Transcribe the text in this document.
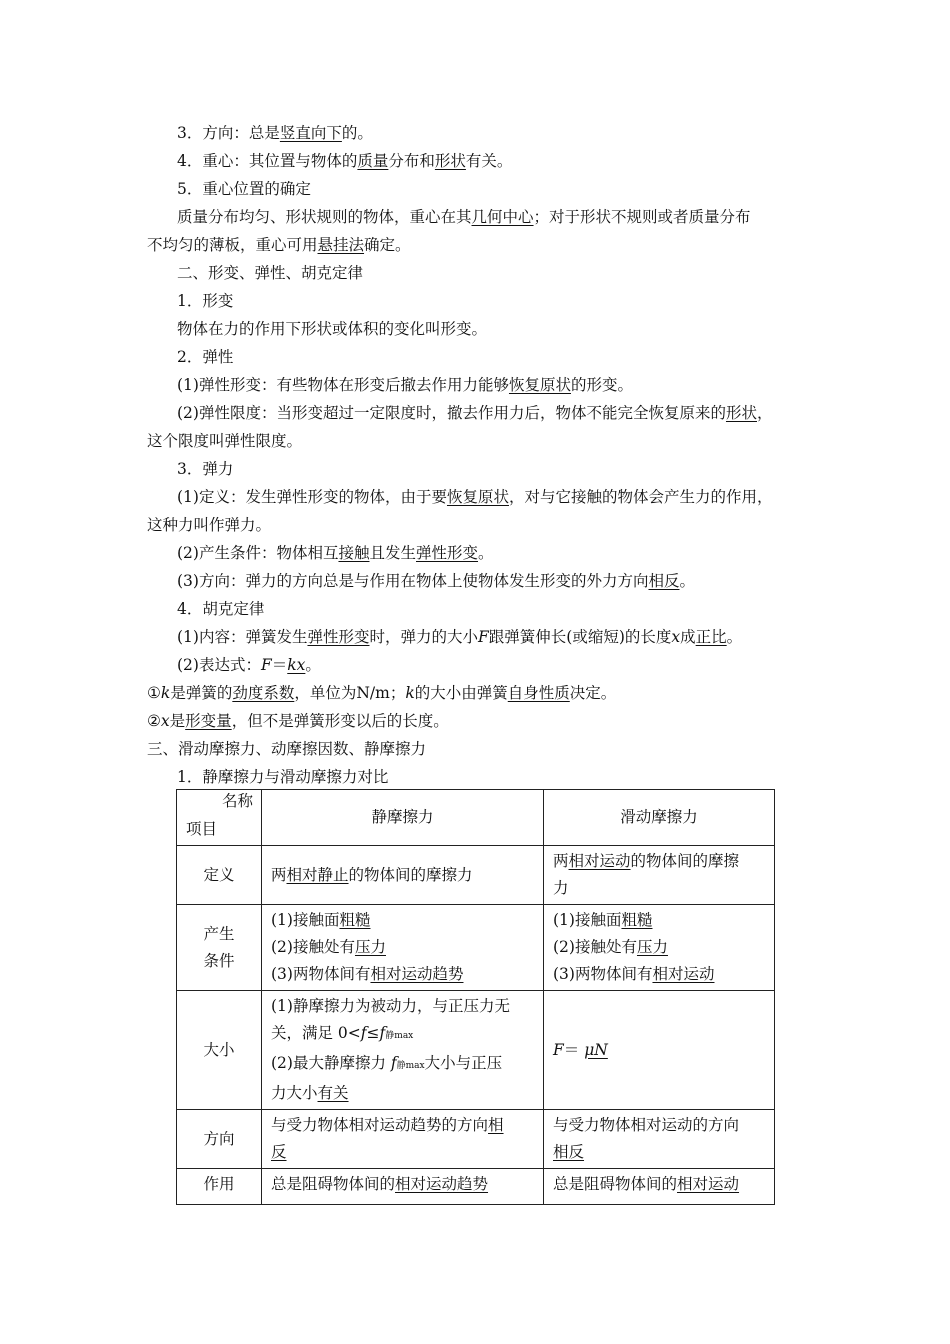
3．方向：总是竖直向下的。
4．重心：其位置与物体的质量分布和形状有关。
5．重心位置的确定
质量分布均匀、形状规则的物体，重心在其几何中心；对于形状不规则或者质量分布
不均匀的薄板，重心可用悬挂法确定。
二、形变、弹性、胡克定律
1．形变
物体在力的作用下形状或体积的变化叫形变。
2．弹性
(1)弹性形变：有些物体在形变后撤去作用力能够恢复原状的形变。
(2)弹性限度：当形变超过一定限度时，撤去作用力后，物体不能完全恢复原来的形状，
这个限度叫弹性限度。
3．弹力
(1)定义：发生弹性形变的物体，由于要恢复原状，对与它接触的物体会产生力的作用，
这种力叫作弹力。
(2)产生条件：物体相互接触且发生弹性形变。
(3)方向：弹力的方向总是与作用在物体上使物体发生形变的外力方向相反。
4．胡克定律
(1)内容：弹簧发生弹性形变时，弹力的大小F跟弹簧伸长(或缩短)的长度x成正比。
(2)表达式：F＝kx。
①k是弹簧的劲度系数，单位为N/m；k的大小由弹簧自身性质决定。
②x是形变量，但不是弹簧形变以后的长度。
三、滑动摩擦力、动摩擦因数、静摩擦力
1．静摩擦力与滑动摩擦力对比
名称
项目	静摩擦力	滑动摩擦力
定义	两相对静止的物体间的摩擦力	两相对运动的物体间的摩擦
力
产生
条件	(1)接触面粗糙
(2)接触处有压力
(3)两物体间有相对运动趋势	(1)接触面粗糙
(2)接触处有压力
(3)两物体间有相对运动
大小	(1)静摩擦力为被动力，与正压力无
关，满足 0<f≤f静max
(2)最大静摩擦力 f静max大小与正压
力大小有关	F＝ μN
方向	与受力物体相对运动趋势的方向相
反	与受力物体相对运动的方向
相反
作用	总是阻碍物体间的相对运动趋势	总是阻碍物体间的相对运动
